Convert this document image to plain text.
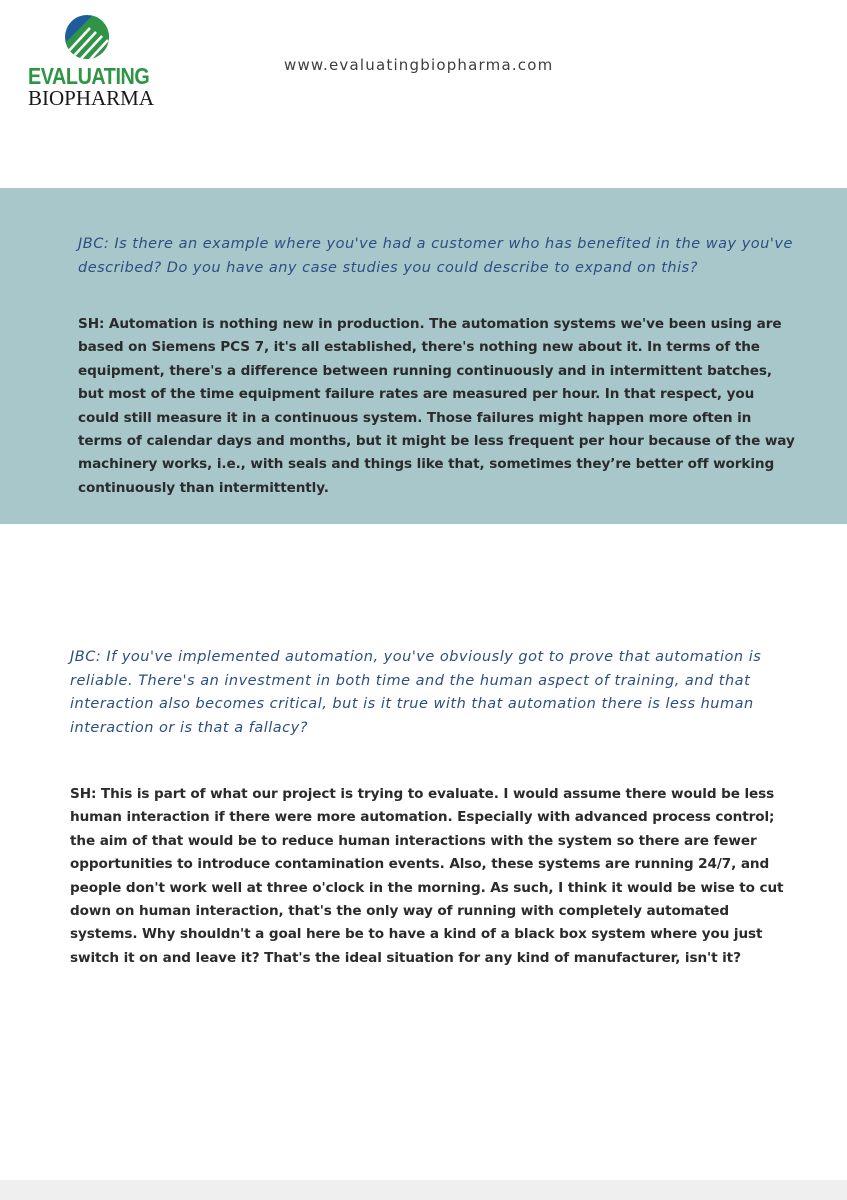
EVALUATING
BIOPHARMA
www.evaluatingbiopharma.com

JBC: Is there an example where you've had a customer who has benefited in the way you've described? Do you have any case studies you could describe to expand on this?

SH: Automation is nothing new in production. The automation systems we've been using are based on Siemens PCS 7, it's all established, there's nothing new about it. In terms of the equipment, there's a difference between running continuously and in intermittent batches, but most of the time equipment failure rates are measured per hour. In that respect, you could still measure it in a continuous system. Those failures might happen more often in terms of calendar days and months, but it might be less frequent per hour because of the way machinery works, i.e., with seals and things like that, sometimes they’re better off working continuously than intermittently.

JBC: If you've implemented automation, you've obviously got to prove that automation is reliable. There's an investment in both time and the human aspect of training, and that interaction also becomes critical, but is it true with that automation there is less human interaction or is that a fallacy?

SH: This is part of what our project is trying to evaluate. I would assume there would be less human interaction if there were more automation. Especially with advanced process control; the aim of that would be to reduce human interactions with the system so there are fewer opportunities to introduce contamination events. Also, these systems are running 24/7, and people don't work well at three o'clock in the morning. As such, I think it would be wise to cut down on human interaction, that's the only way of running with completely automated systems. Why shouldn't a goal here be to have a kind of a black box system where you just switch it on and leave it? That's the ideal situation for any kind of manufacturer, isn't it?
